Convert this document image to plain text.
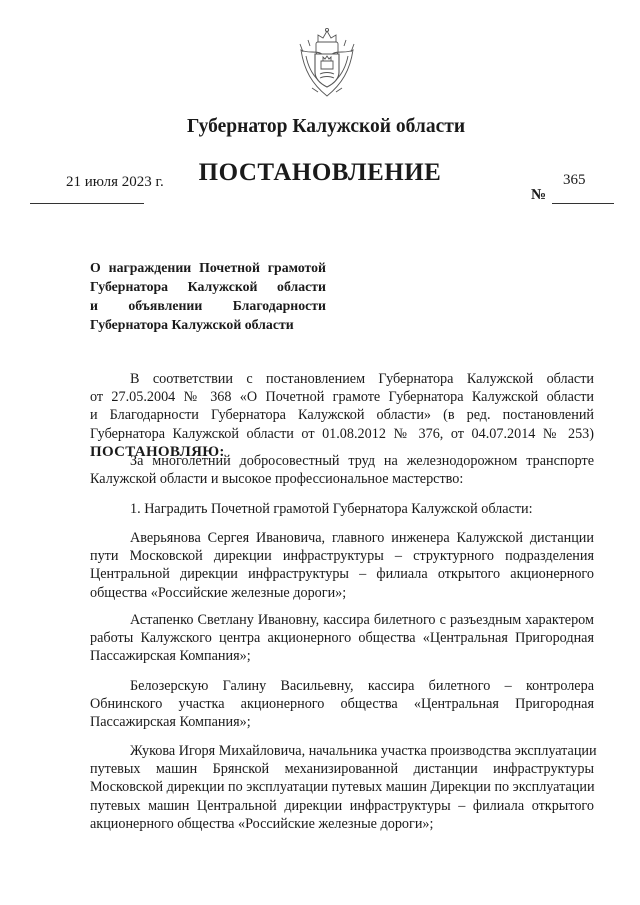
Губернатор Калужской области
ПОСТАНОВЛЕНИЕ
21 июля 2023 г.
№
365
О награждении Почетной грамотой
Губернатора Калужской области
и объявлении Благодарности
Губернатора Калужской области
В соответствии с постановлением Губернатора Калужской области
от 27.05.2004 № 368 «О Почетной грамоте Губернатора Калужской области
и Благодарности Губернатора Калужской области» (в ред. постановлений
Губернатора Калужской области от 01.08.2012 № 376, от 04.07.2014 № 253)
ПОСТАНОВЛЯЮ:
За многолетний добросовестный труд на железнодорожном транспорте
Калужской области и высокое профессиональное мастерство:
1. Наградить Почетной грамотой Губернатора Калужской области:
Аверьянова Сергея Ивановича, главного инженера Калужской дистанции
пути Московской дирекции инфраструктуры – структурного подразделения
Центральной дирекции инфраструктуры – филиала открытого акционерного
общества «Российские железные дороги»;
Астапенко Светлану Ивановну, кассира билетного с разъездным характером
работы Калужского центра акционерного общества «Центральная Пригородная
Пассажирская Компания»;
Белозерскую Галину Васильевну, кассира билетного – контролера
Обнинского участка акционерного общества «Центральная Пригородная
Пассажирская Компания»;
Жукова Игоря Михайловича, начальника участка производства эксплуатации
путевых машин Брянской механизированной дистанции инфраструктуры
Московской дирекции по эксплуатации путевых машин Дирекции по эксплуатации
путевых машин Центральной дирекции инфраструктуры – филиала открытого
акционерного общества «Российские железные дороги»;
